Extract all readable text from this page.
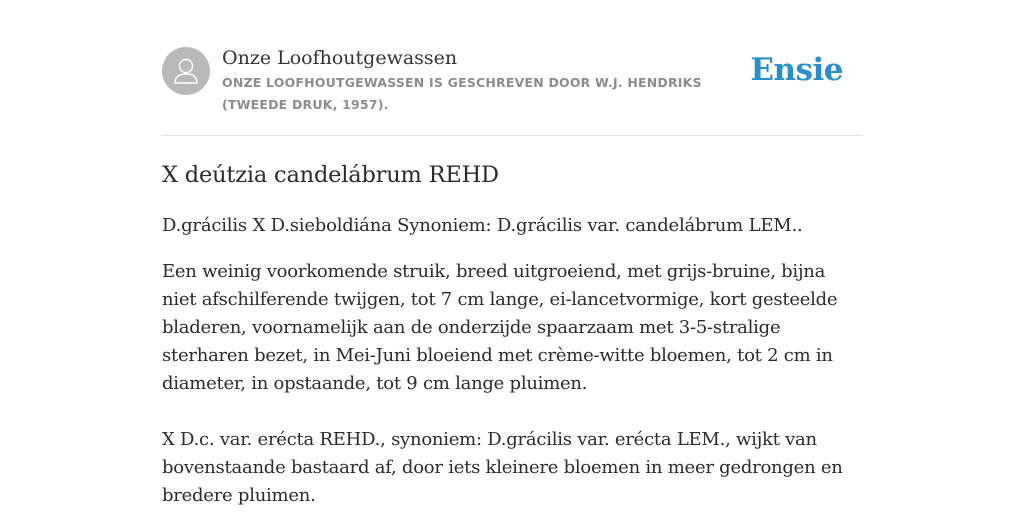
Onze Loofhoutgewassen
ONZE LOOFHOUTGEWASSEN IS GESCHREVEN DOOR W.J. HENDRIKS (TWEEDE DRUK, 1957).
Ensie
X deútzia candelábrum REHD

D.grácilis X D.sieboldiána Synoniem: D.grácilis var. candelábrum LEM..

Een weinig voorkomende struik, breed uitgroeiend, met grijs-bruine, bijna niet afschilferende twijgen, tot 7 cm lange, ei-lancetvormige, kort gesteelde bladeren, voornamelijk aan de onderzijde spaarzaam met 3-5-stralige sterharen bezet, in Mei-Juni bloeiend met crème-witte bloemen, tot 2 cm in diameter, in opstaande, tot 9 cm lange pluimen.

X D.c. var. erécta REHD., synoniem: D.grácilis var. erécta LEM., wijkt van bovenstaande bastaard af, door iets kleinere bloemen in meer gedrongen en bredere pluimen.
